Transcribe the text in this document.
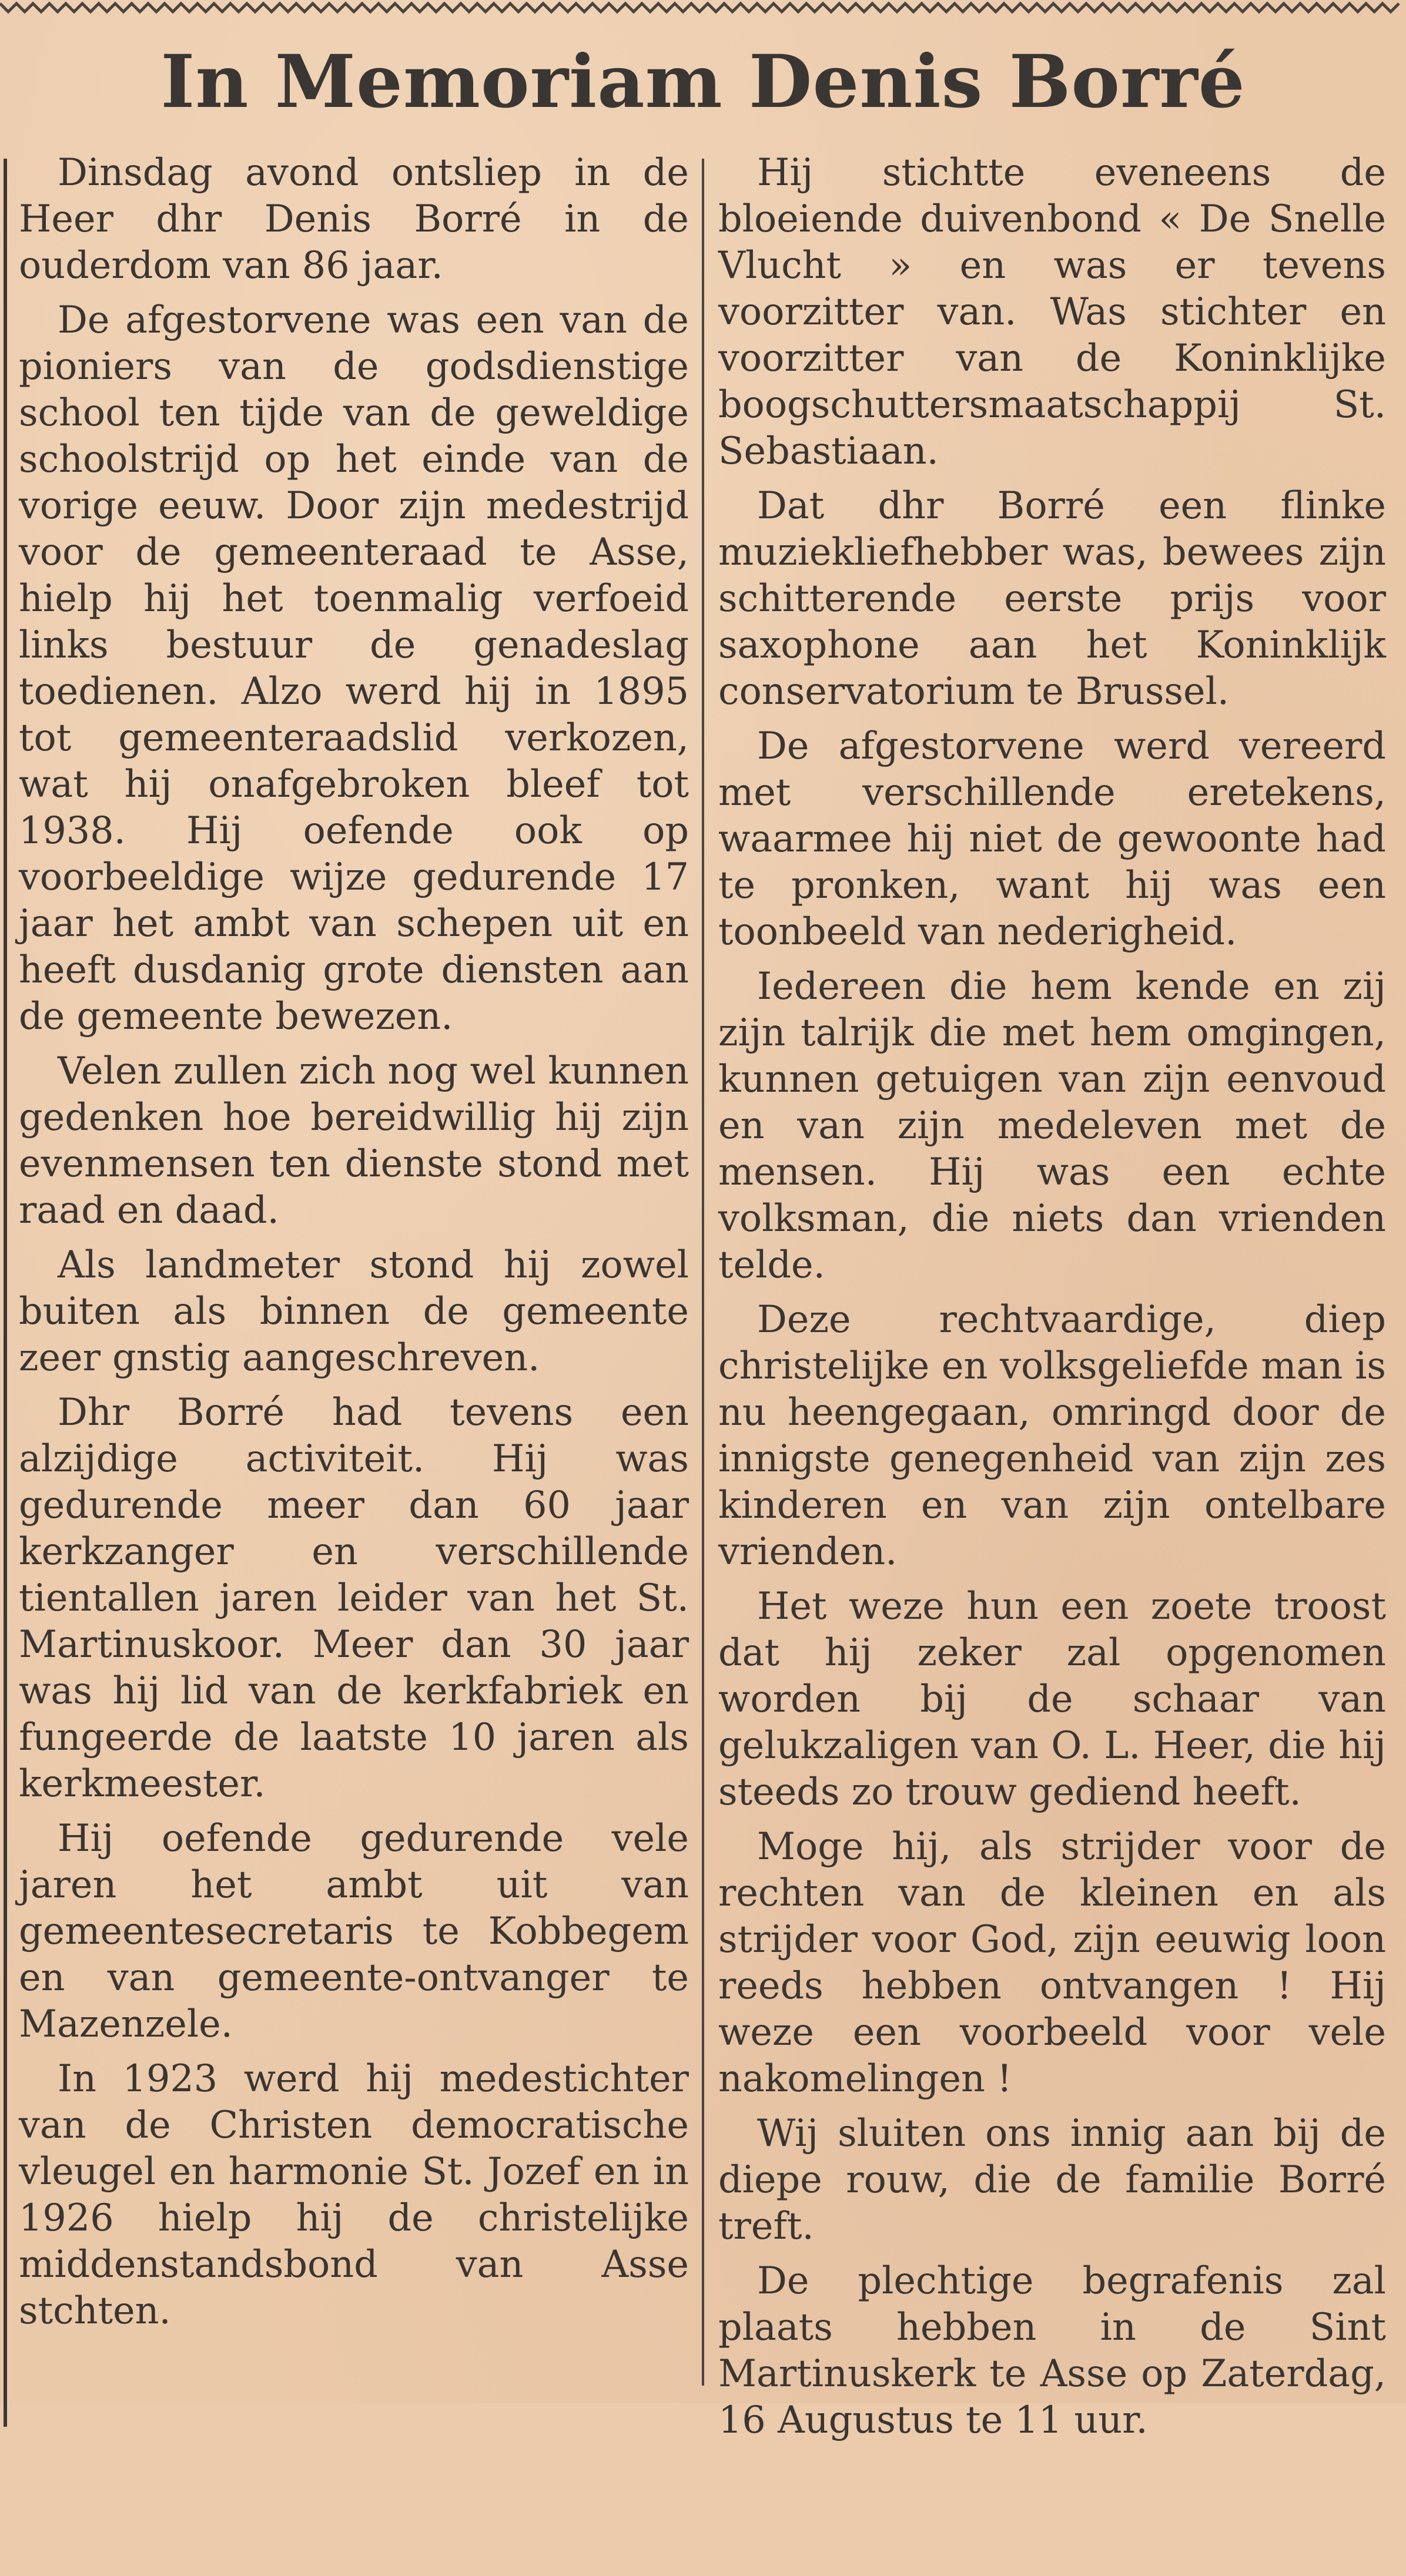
In Memoriam Denis Borré

Dinsdag avond ontsliep in de Heer dhr Denis Borré in de ouderdom van 86 jaar.

De afgestorvene was een van de pioniers van de godsdienstige school ten tijde van de geweldige schoolstrijd op het einde van de vorige eeuw. Door zijn medestrijd voor de gemeenteraad te Asse, hielp hij het toenmalig verfoeid links bestuur de genadeslag toedienen. Alzo werd hij in 1895 tot gemeenteraadslid verkozen, wat hij onafgebroken bleef tot 1938. Hij oefende ook op voorbeeldige wijze gedurende 17 jaar het ambt van schepen uit en heeft dusdanig grote diensten aan de gemeente bewezen.

Velen zullen zich nog wel kunnen gedenken hoe bereidwillig hij zijn evenmensen ten dienste stond met raad en daad.

Als landmeter stond hij zowel buiten als binnen de gemeente zeer gnstig aangeschreven.

Dhr Borré had tevens een alzijdige activiteit. Hij was gedurende meer dan 60 jaar kerkzanger en verschillende tientallen jaren leider van het St. Martinuskoor. Meer dan 30 jaar was hij lid van de kerkfabriek en fungeerde de laatste 10 jaren als kerkmeester.

Hij oefende gedurende vele jaren het ambt uit van gemeentesecretaris te Kobbegem en van gemeente-ontvanger te Mazenzele.

In 1923 werd hij medestichter van de Christen democratische vleugel en harmonie St. Jozef en in 1926 hielp hij de christelijke middenstandsbond van Asse stchten.

Hij stichtte eveneens de bloeiende duivenbond « De Snelle Vlucht » en was er tevens voorzitter van. Was stichter en voorzitter van de Koninklijke boogschuttersmaatschappij St. Sebastiaan.

Dat dhr Borré een flinke muziekliefhebber was, bewees zijn schitterende eerste prijs voor saxophone aan het Koninklijk conservatorium te Brussel.

De afgestorvene werd vereerd met verschillende eretekens, waarmee hij niet de gewoonte had te pronken, want hij was een toonbeeld van nederigheid.

Iedereen die hem kende en zij zijn talrijk die met hem omgingen, kunnen getuigen van zijn eenvoud en van zijn medeleven met de mensen. Hij was een echte volksman, die niets dan vrienden telde.

Deze rechtvaardige, diep christelijke en volksgeliefde man is nu heengegaan, omringd door de innigste genegenheid van zijn zes kinderen en van zijn ontelbare vrienden.

Het weze hun een zoete troost dat hij zeker zal opgenomen worden bij de schaar van gelukzaligen van O. L. Heer, die hij steeds zo trouw gediend heeft.

Moge hij, als strijder voor de rechten van de kleinen en als strijder voor God, zijn eeuwig loon reeds hebben ontvangen ! Hij weze een voorbeeld voor vele nakomelingen !

Wij sluiten ons innig aan bij de diepe rouw, die de familie Borré treft.

De plechtige begrafenis zal plaats hebben in de Sint Martinuskerk te Asse op Zaterdag, 16 Augustus te 11 uur.
